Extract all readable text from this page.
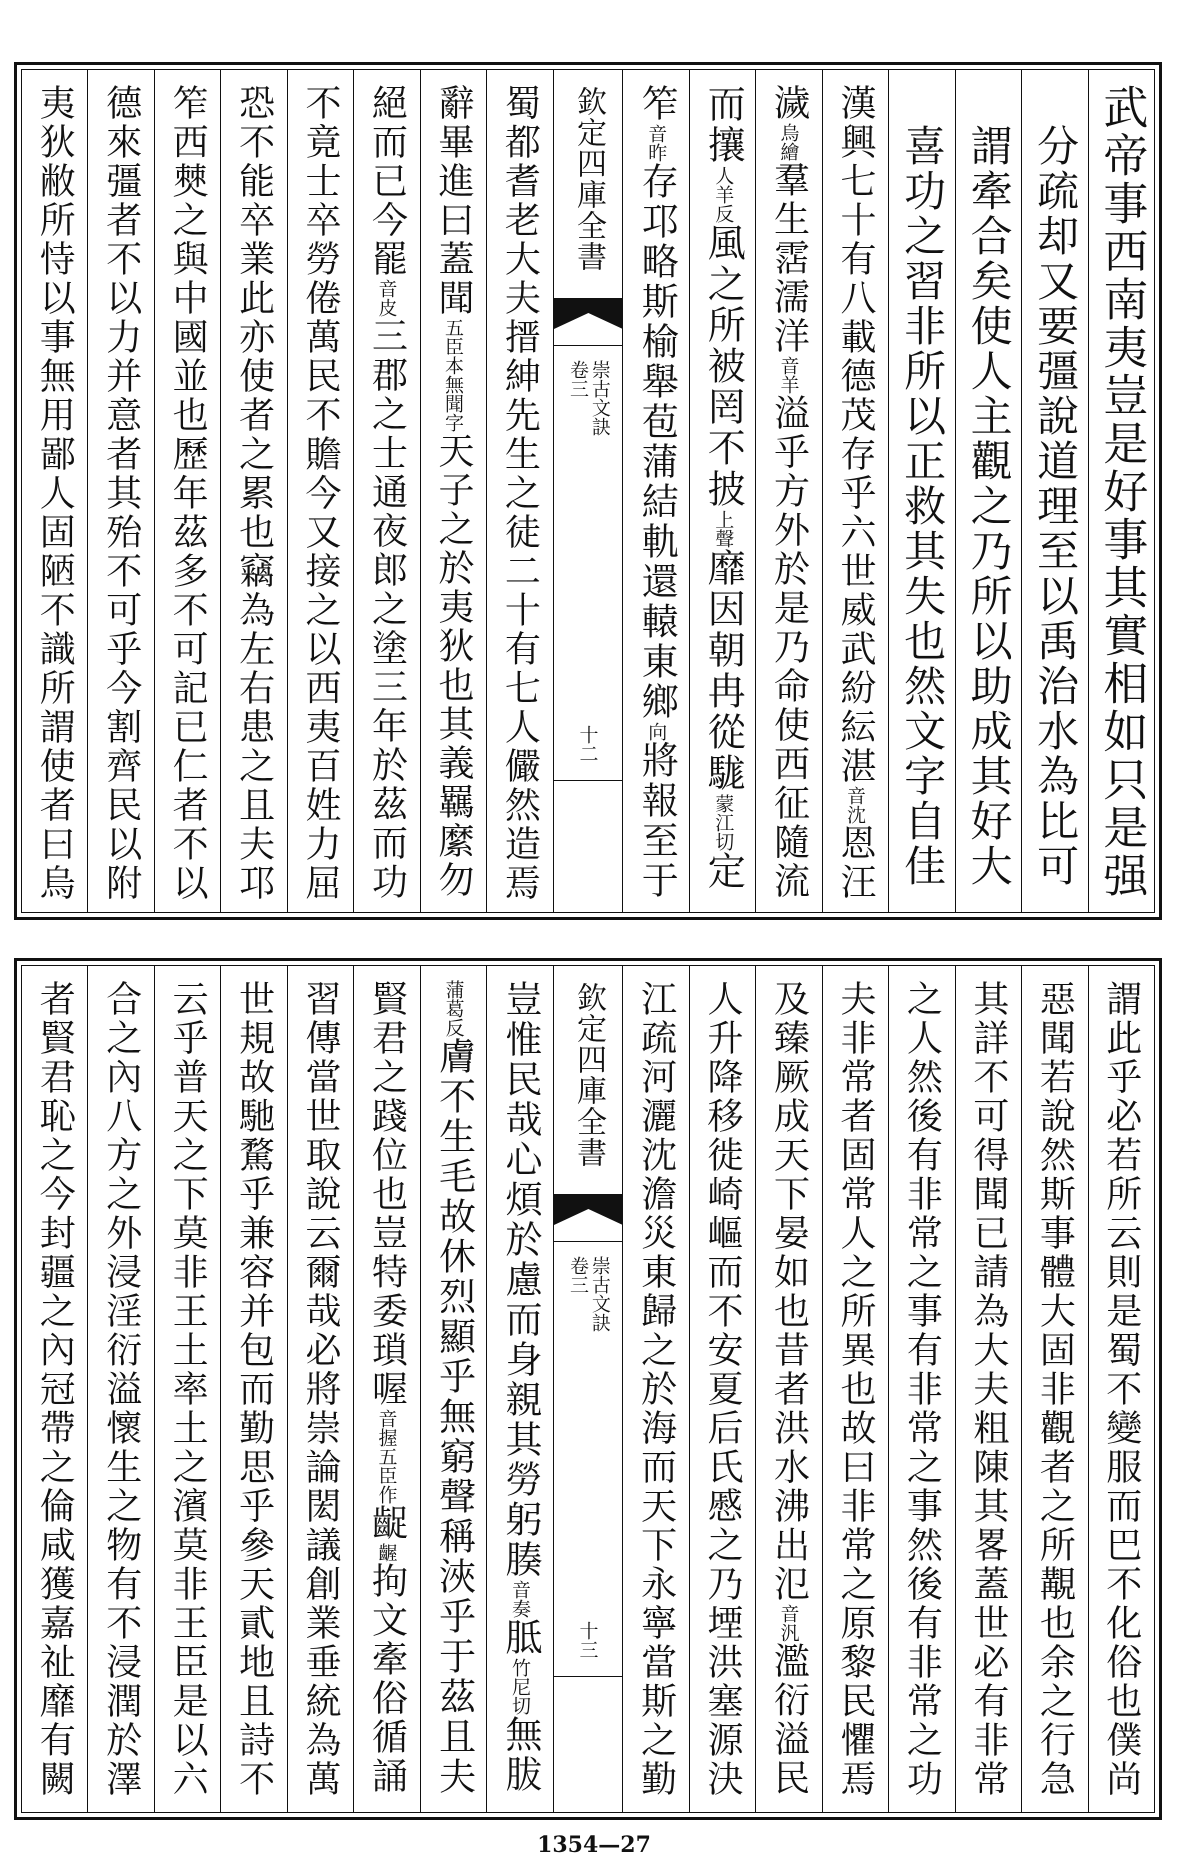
武帝事西南夷豈是好事其實相如只是强
分疏却又要彊說道理至以禹治水為比可
謂牽合矣使人主觀之乃所以助成其好大
喜功之習非所以正救其失也然文字自佳
漢興七十有八載德茂存乎六世威武紛紜湛音沈恩汪
濊烏繪羣生霑濡洋音羊溢乎方外於是乃命使西征隨流
而攘人羊反風之所被罔不披上聲靡因朝冉從駹蒙江切定
笮音昨存邛略斯榆舉苞蒲結軌還轅東鄉向將報至于
欽定四庫全書
崇古文訣
卷三
十二
蜀都耆老大夫搢紳先生之徒二十有七人儼然造焉
辭畢進曰蓋聞五臣本無聞字天子之於夷狄也其義羈縻勿
絕而已今罷音皮三郡之士通夜郎之塗三年於茲而功
不竟士卒勞倦萬民不贍今又接之以西夷百姓力屈
恐不能卒業此亦使者之累也竊為左右患之且夫邛
笮西僰之與中國並也歷年茲多不可記已仁者不以
德來彊者不以力并意者其殆不可乎今割齊民以附
夷狄敝所恃以事無用鄙人固陋不識所謂使者曰烏
謂此乎必若所云則是蜀不變服而巴不化俗也僕尚
惡聞若說然斯事體大固非觀者之所覯也余之行急
其詳不可得聞已請為大夫粗陳其畧蓋世必有非常
之人然後有非常之事有非常之事然後有非常之功
夫非常者固常人之所異也故曰非常之原黎民懼焉
及臻厥成天下晏如也昔者洪水沸出氾音汎濫衍溢民
人升降移徙崎嶇而不安夏后氏慼之乃堙洪塞源決
江疏河灑沈澹災東歸之於海而天下永寧當斯之勤
欽定四庫全書
崇古文訣
卷三
十三
豈惟民哉心煩於慮而身親其勞躬腠音奏胝竹尼切無胈
蒲葛反膚不生毛故休烈顯乎無窮聲稱浹乎于茲且夫
賢君之踐位也豈特委瑣喔音握五臣作齪齷拘文牽俗循誦
習傳當世取說云爾哉必將崇論閎議創業垂統為萬
世規故馳騖乎兼容并包而勤思乎參天貳地且詩不
云乎普天之下莫非王土率土之濱莫非王臣是以六
合之內八方之外浸淫衍溢懷生之物有不浸潤於澤
者賢君恥之今封疆之內冠帶之倫咸獲嘉祉靡有闕
1354—27
